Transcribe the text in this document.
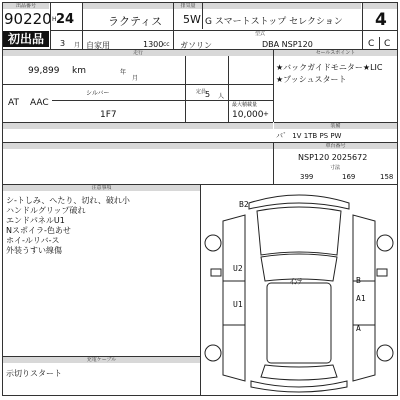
出品番号
90220
初出品
H 24
3 月
ラクティス
自家用	1300 cc
排気量
5W
ガソリン
G スマートストップ セレクション 4
型式
DBA NSP120	C C
走行
99,899 km	年
月
シルバー
AT AAC
定員
5 人
1F7
最大積載量
10,000 +
セールスポイント
★バックガイドモニター★LIC
★プッシュスタート
装備
パ゛ 1V 1TB PS PW
車台番号
NSP120 2025672
寸法
399	169	158
注意事項
シ-トしみ、へたり、切れ、破れ小
ハンドルグリップ破れ
エンドパネルU1
Nスポイラ-色あせ
ホイ-ルリバ-ス
外装うすい線傷
充電ケーブル
示切りスタート
B2
U2
U1
B
A1
A
ｲﾝﾃ
